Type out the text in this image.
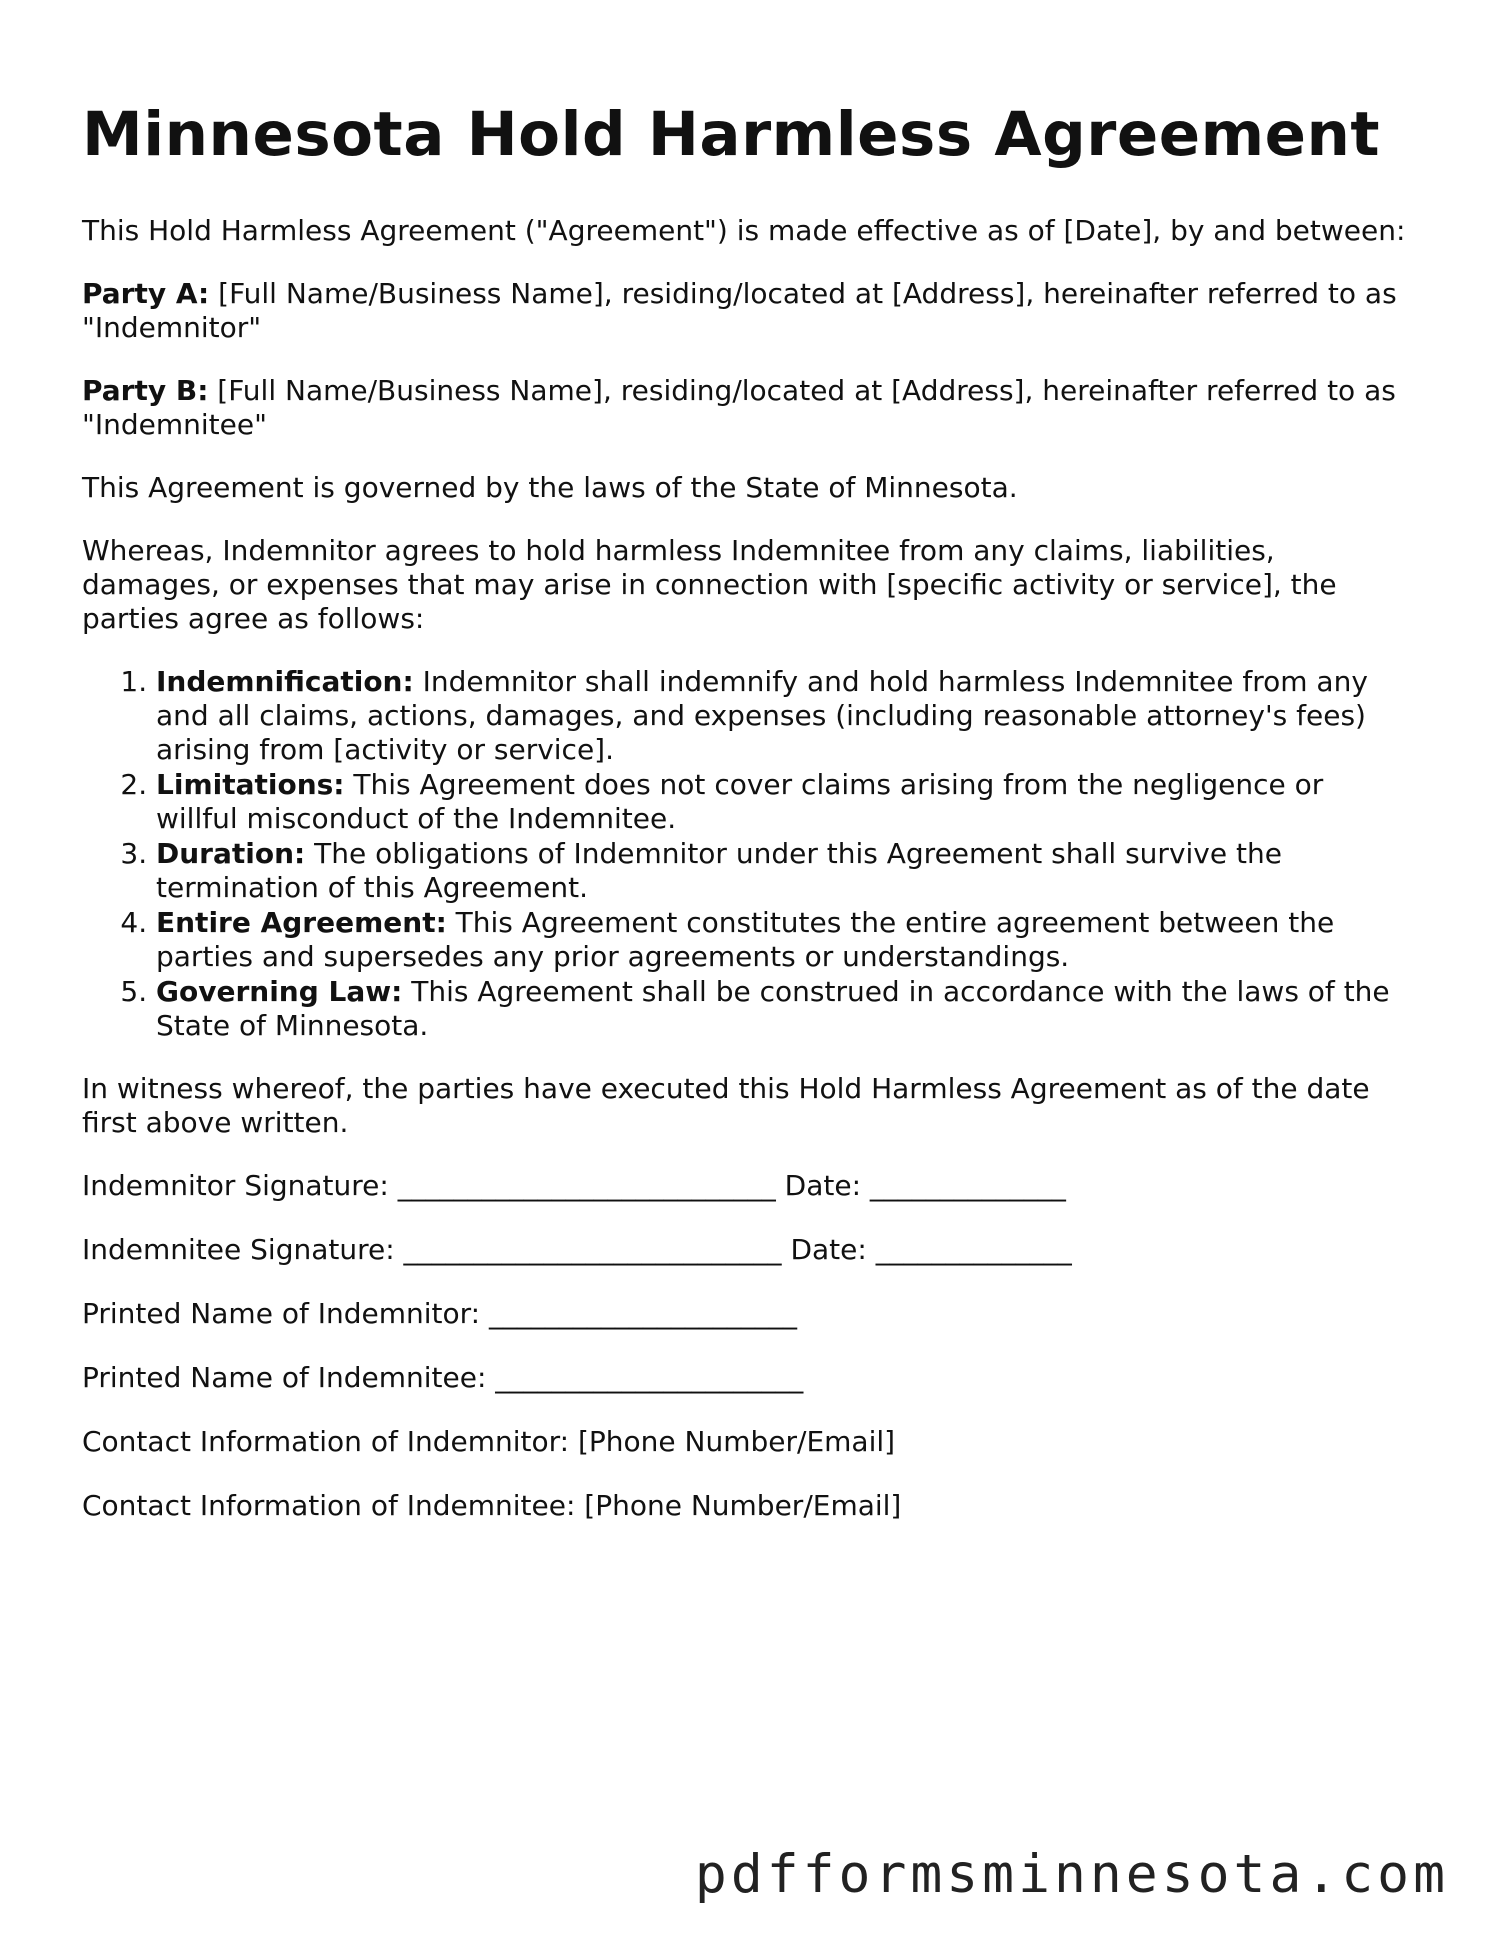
Minnesota Hold Harmless Agreement

This Hold Harmless Agreement ("Agreement") is made effective as of [Date], by and between:

Party A: [Full Name/Business Name], residing/located at [Address], hereinafter referred to as "Indemnitor"

Party B: [Full Name/Business Name], residing/located at [Address], hereinafter referred to as "Indemnitee"

This Agreement is governed by the laws of the State of Minnesota.

Whereas, Indemnitor agrees to hold harmless Indemnitee from any claims, liabilities, damages, or expenses that may arise in connection with [specific activity or service], the parties agree as follows:

1. Indemnification: Indemnitor shall indemnify and hold harmless Indemnitee from any and all claims, actions, damages, and expenses (including reasonable attorney's fees) arising from [activity or service].
2. Limitations: This Agreement does not cover claims arising from the negligence or willful misconduct of the Indemnitee.
3. Duration: The obligations of Indemnitor under this Agreement shall survive the termination of this Agreement.
4. Entire Agreement: This Agreement constitutes the entire agreement between the parties and supersedes any prior agreements or understandings.
5. Governing Law: This Agreement shall be construed in accordance with the laws of the State of Minnesota.

In witness whereof, the parties have executed this Hold Harmless Agreement as of the date first above written.

Indemnitor Signature: ___________________________ Date: ______________
Indemnitee Signature: ___________________________ Date: ______________
Printed Name of Indemnitor: ______________________
Printed Name of Indemnitee: ______________________
Contact Information of Indemnitor: [Phone Number/Email]
Contact Information of Indemnitee: [Phone Number/Email]
pdfformsminnesota.com
